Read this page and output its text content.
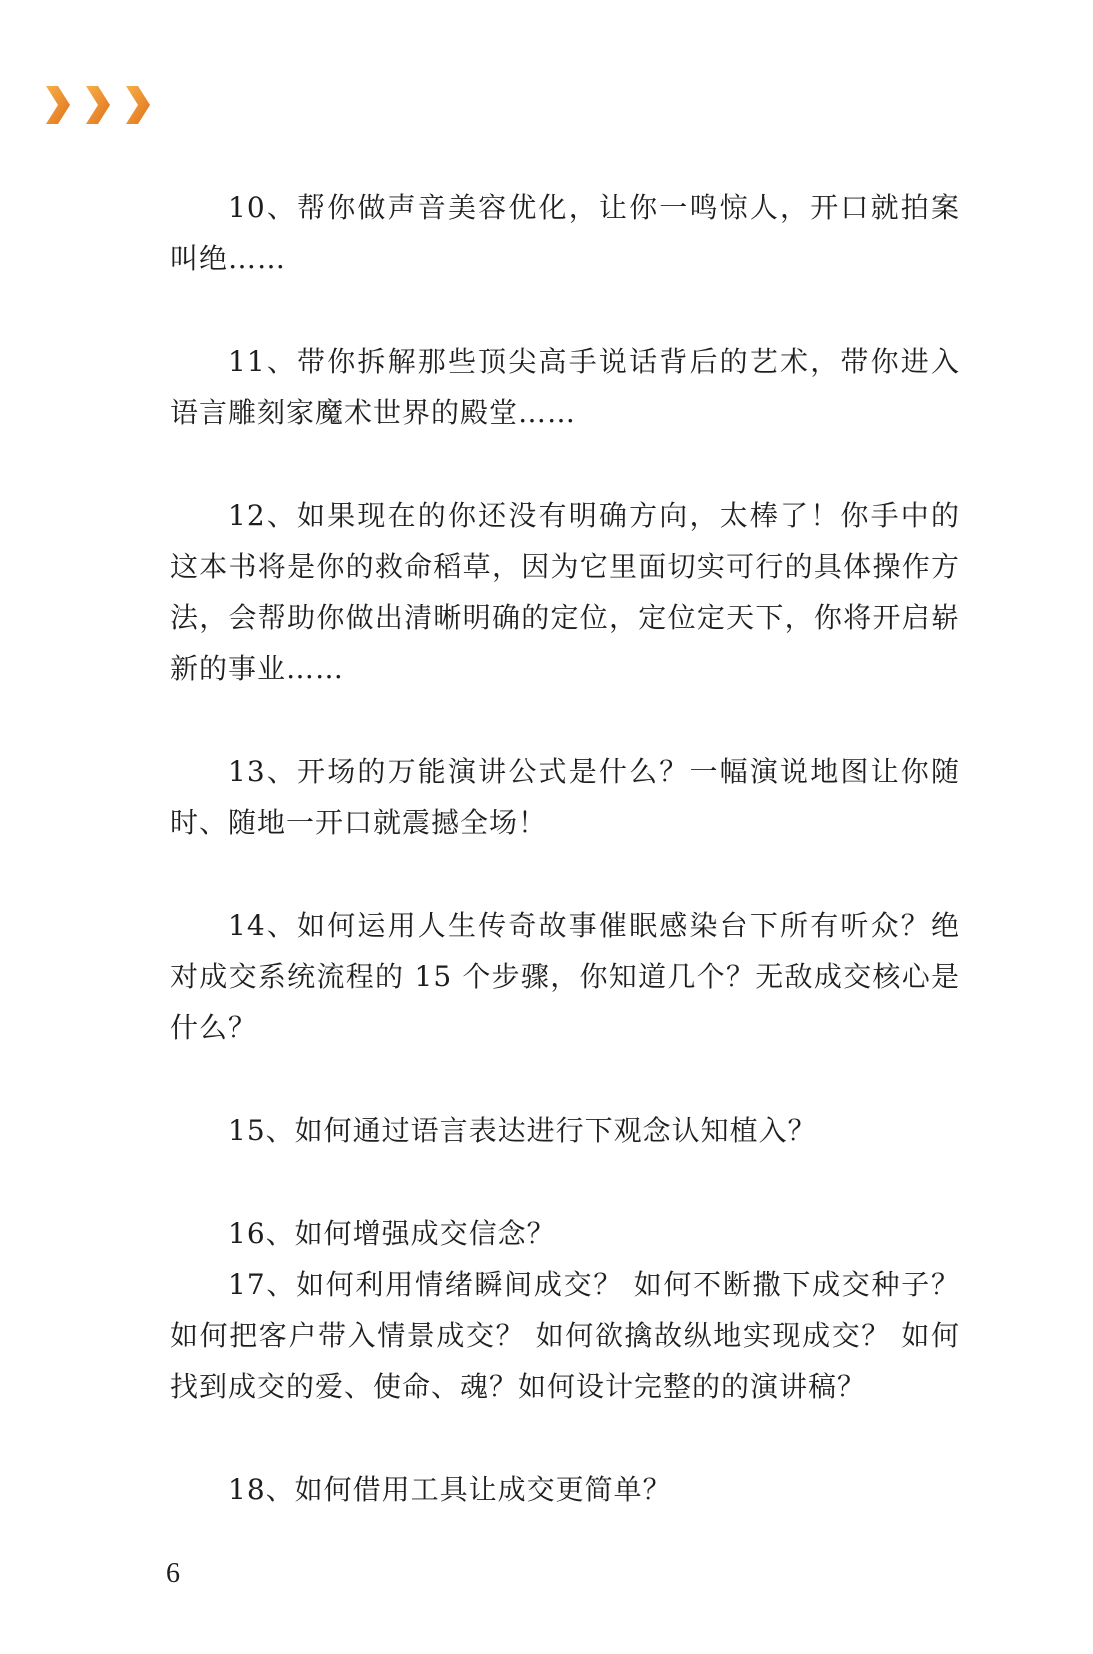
10、帮你做声音美容优化，让你一鸣惊人，开口就拍案叫绝……

11、带你拆解那些顶尖高手说话背后的艺术，带你进入语言雕刻家魔术世界的殿堂……

12、如果现在的你还没有明确方向，太棒了！你手中的这本书将是你的救命稻草，因为它里面切实可行的具体操作方法，会帮助你做出清晰明确的定位，定位定天下，你将开启崭新的事业……

13、开场的万能演讲公式是什么？一幅演说地图让你随时、随地一开口就震撼全场！

14、如何运用人生传奇故事催眠感染台下所有听众？绝对成交系统流程的 15 个步骤，你知道几个？无敌成交核心是什么？

15、如何通过语言表达进行下观念认知植入？

16、如何增强成交信念？

17、如何利用情绪瞬间成交？ 如何不断撒下成交种子？ 如何把客户带入情景成交？ 如何欲擒故纵地实现成交？ 如何找到成交的爱、使命、魂？如何设计完整的的演讲稿？

18、如何借用工具让成交更简单？

6
